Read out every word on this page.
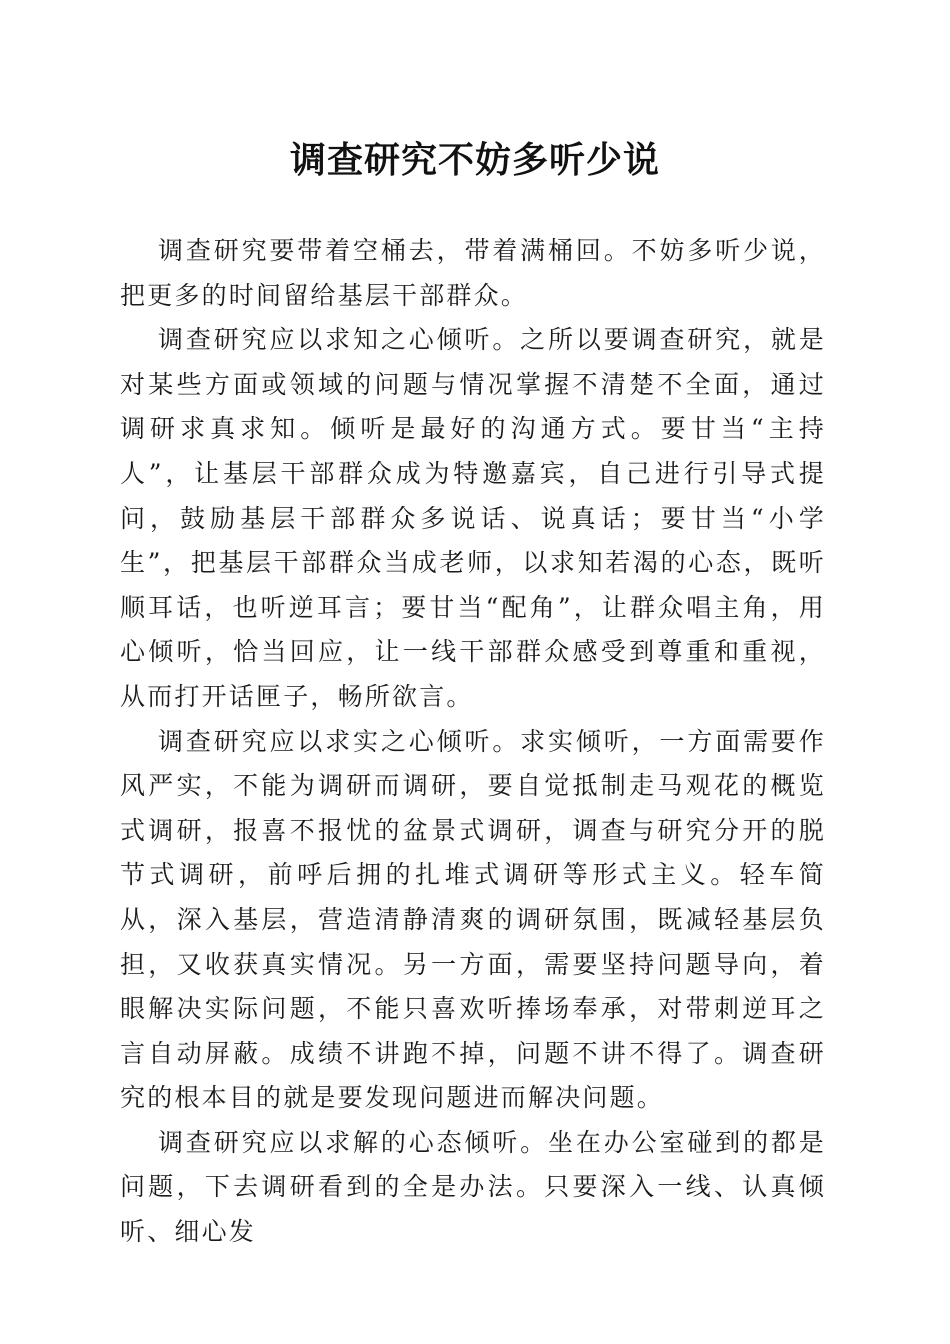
调查研究不妨多听少说

调查研究要带着空桶去，带着满桶回。不妨多听少说，把更多的时间留给基层干部群众。

调查研究应以求知之心倾听。之所以要调查研究，就是对某些方面或领域的问题与情况掌握不清楚不全面，通过调研求真求知。倾听是最好的沟通方式。要甘当“主持人”，让基层干部群众成为特邀嘉宾，自己进行引导式提问，鼓励基层干部群众多说话、说真话；要甘当“小学生”，把基层干部群众当成老师，以求知若渴的心态，既听顺耳话，也听逆耳言；要甘当“配角”，让群众唱主角，用心倾听，恰当回应，让一线干部群众感受到尊重和重视，从而打开话匣子，畅所欲言。

调查研究应以求实之心倾听。求实倾听，一方面需要作风严实，不能为调研而调研，要自觉抵制走马观花的概览式调研，报喜不报忧的盆景式调研，调查与研究分开的脱节式调研，前呼后拥的扎堆式调研等形式主义。轻车简从，深入基层，营造清静清爽的调研氛围，既减轻基层负担，又收获真实情况。另一方面，需要坚持问题导向，着眼解决实际问题，不能只喜欢听捧场奉承，对带刺逆耳之言自动屏蔽。成绩不讲跑不掉，问题不讲不得了。调查研究的根本目的就是要发现问题进而解决问题。

调查研究应以求解的心态倾听。坐在办公室碰到的都是问题，下去调研看到的全是办法。只要深入一线、认真倾听、细心发
